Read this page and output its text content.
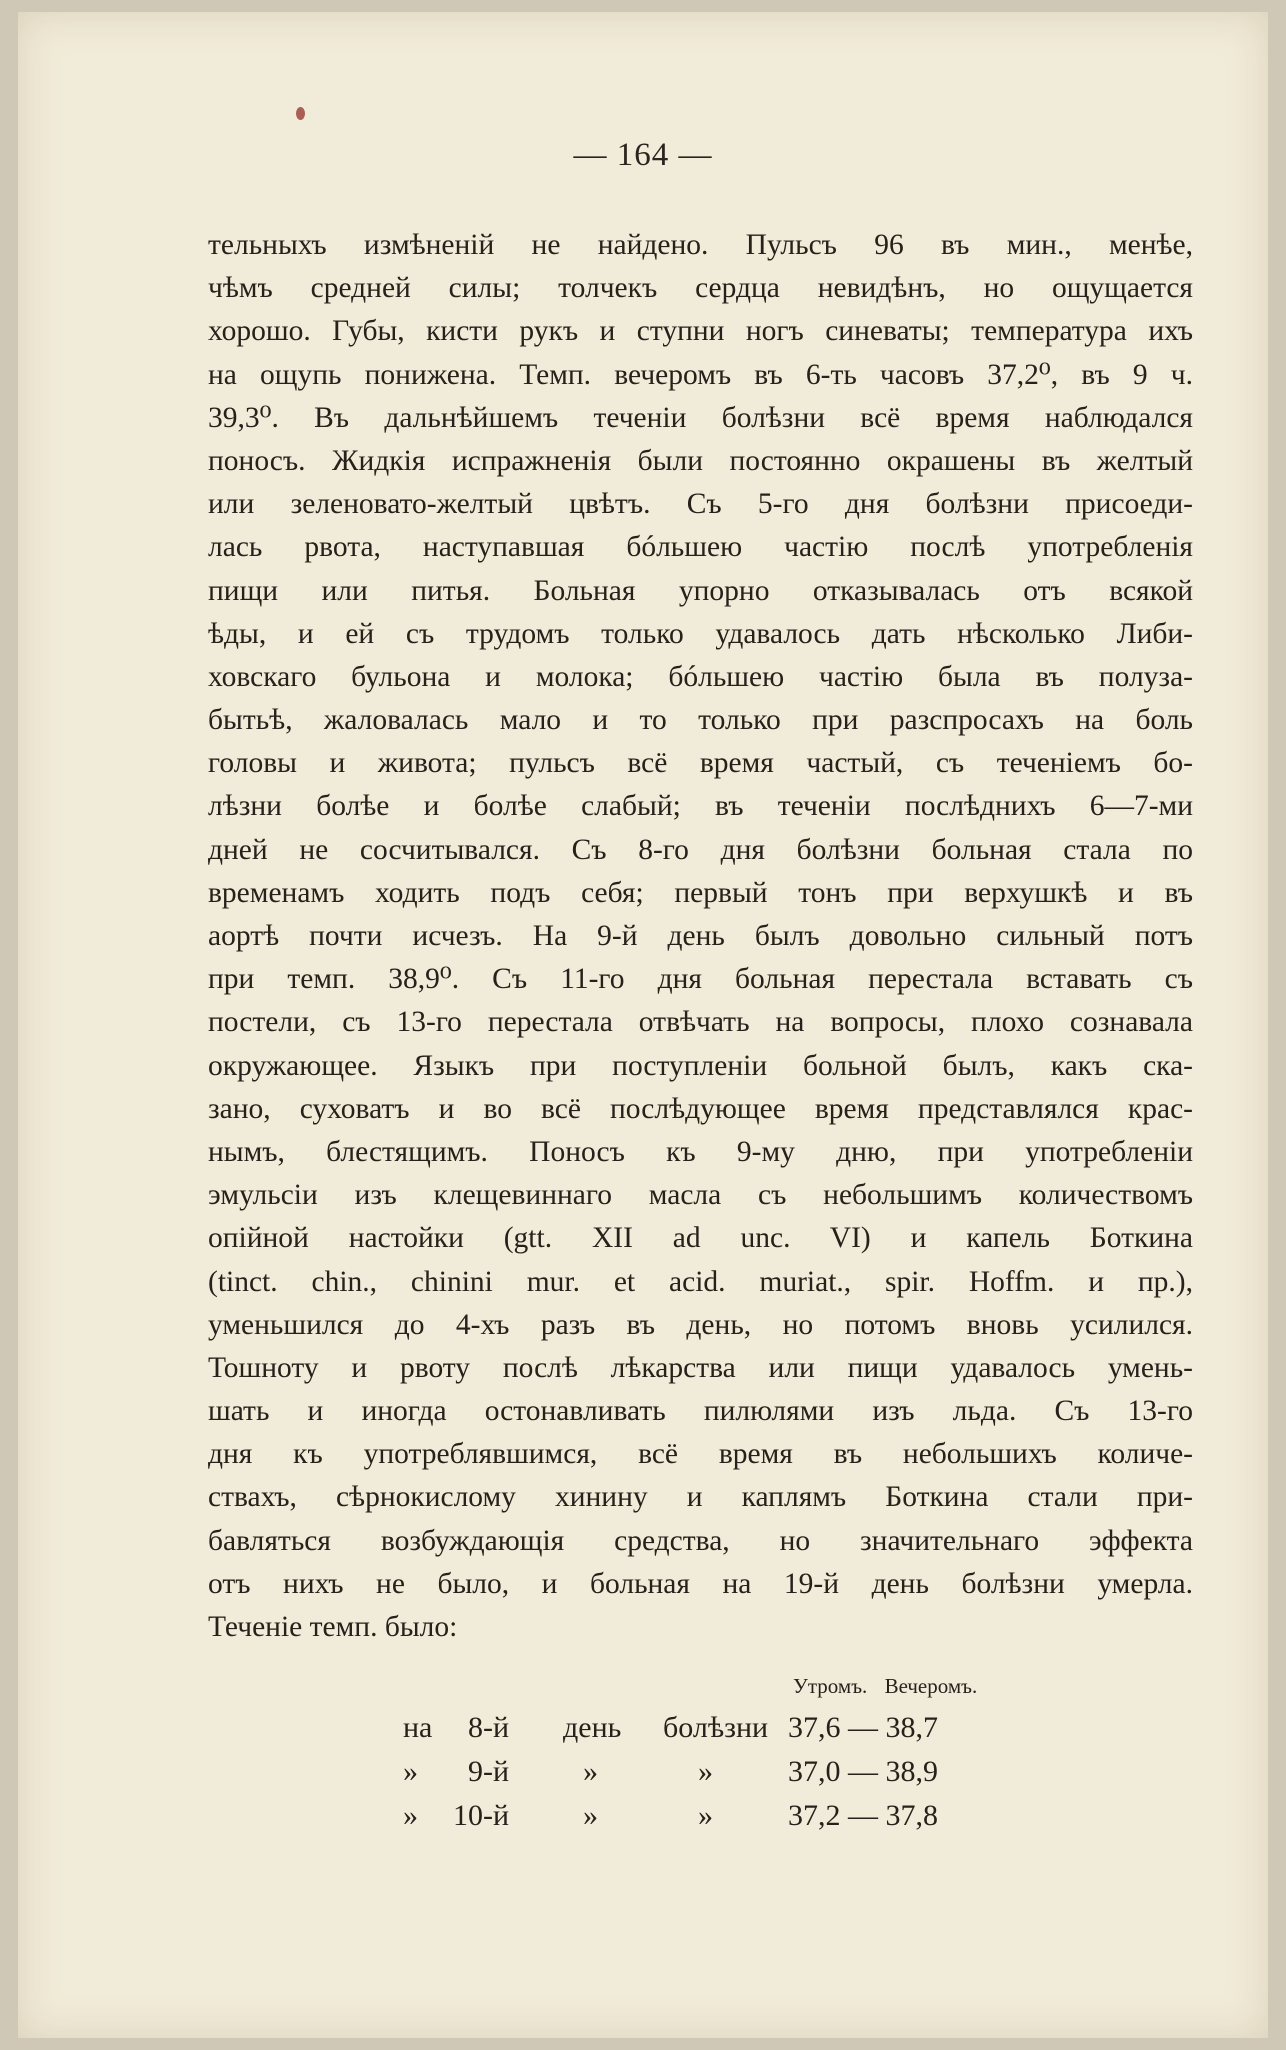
— 164 —
тельныхъ измѣненій не найдено. Пульсъ 96 въ мин., менѣе,
чѣмъ средней силы; толчекъ сердца невидѣнъ, но ощущается
хорошо. Губы, кисти рукъ и ступни ногъ синеваты; температура ихъ
на ощупь понижена. Темп. вечеромъ въ 6-ть часовъ 37,2⁰, въ 9 ч.
39,3⁰. Въ дальнѣйшемъ теченіи болѣзни всё время наблюдался
поносъ. Жидкія испражненія были постоянно окрашены въ желтый
или зеленовато-желтый цвѣтъ. Съ 5-го дня болѣзни присоеди-
лась рвота, наступавшая бóльшею частію послѣ употребленія
пищи или питья. Больная упорно отказывалась отъ всякой
ѣды, и ей съ трудомъ только удавалось дать нѣсколько Либи-
ховскаго бульона и молока; бóльшею частію была въ полуза-
бытьѣ, жаловалась мало и то только при разспросахъ на боль
головы и живота; пульсъ всё время частый, съ теченіемъ бо-
лѣзни болѣе и болѣе слабый; въ теченіи послѣднихъ 6—7-ми
дней не сосчитывался. Съ 8-го дня болѣзни больная стала по
временамъ ходить подъ себя; первый тонъ при верхушкѣ и въ
аортѣ почти исчезъ. На 9-й день былъ довольно сильный потъ
при темп. 38,9⁰. Съ 11-го дня больная перестала вставать съ
постели, съ 13-го перестала отвѣчать на вопросы, плохо сознавала
окружающее. Языкъ при поступленіи больной былъ, какъ ска-
зано, суховатъ и во всё послѣдующее время представлялся крас-
нымъ, блестящимъ. Поносъ къ 9-му дню, при употребленіи
эмульсіи изъ клещевиннаго масла съ небольшимъ количествомъ
опiйной настойки (gtt. XII ad unc. VI) и капель Боткина
(tinct. chin., chinini mur. et acid. muriat., spir. Hoffm. и пр.),
уменьшился до 4-хъ разъ въ день, но потомъ вновь усилился.
Тошноту и рвоту послѣ лѣкарства или пищи удавалось умень-
шать и иногда остонавливать пилюлями изъ льда. Съ 13-го
дня къ употреблявшимся, всё время въ небольшихъ количе-
ствахъ, сѣрнокислому хинину и каплямъ Боткина стали при-
бавляться возбуждающія средства, но значительнаго эффекта
отъ нихъ не было, и больная на 19-й день болѣзни умерла.
Теченіе темп. было:
Утромъ. Вечеромъ.
на 8-й день болѣзни 37,6 — 38,7
» 9-й »	»	37,0 — 38,9
» 10-й »	»	37,2 — 37,8
